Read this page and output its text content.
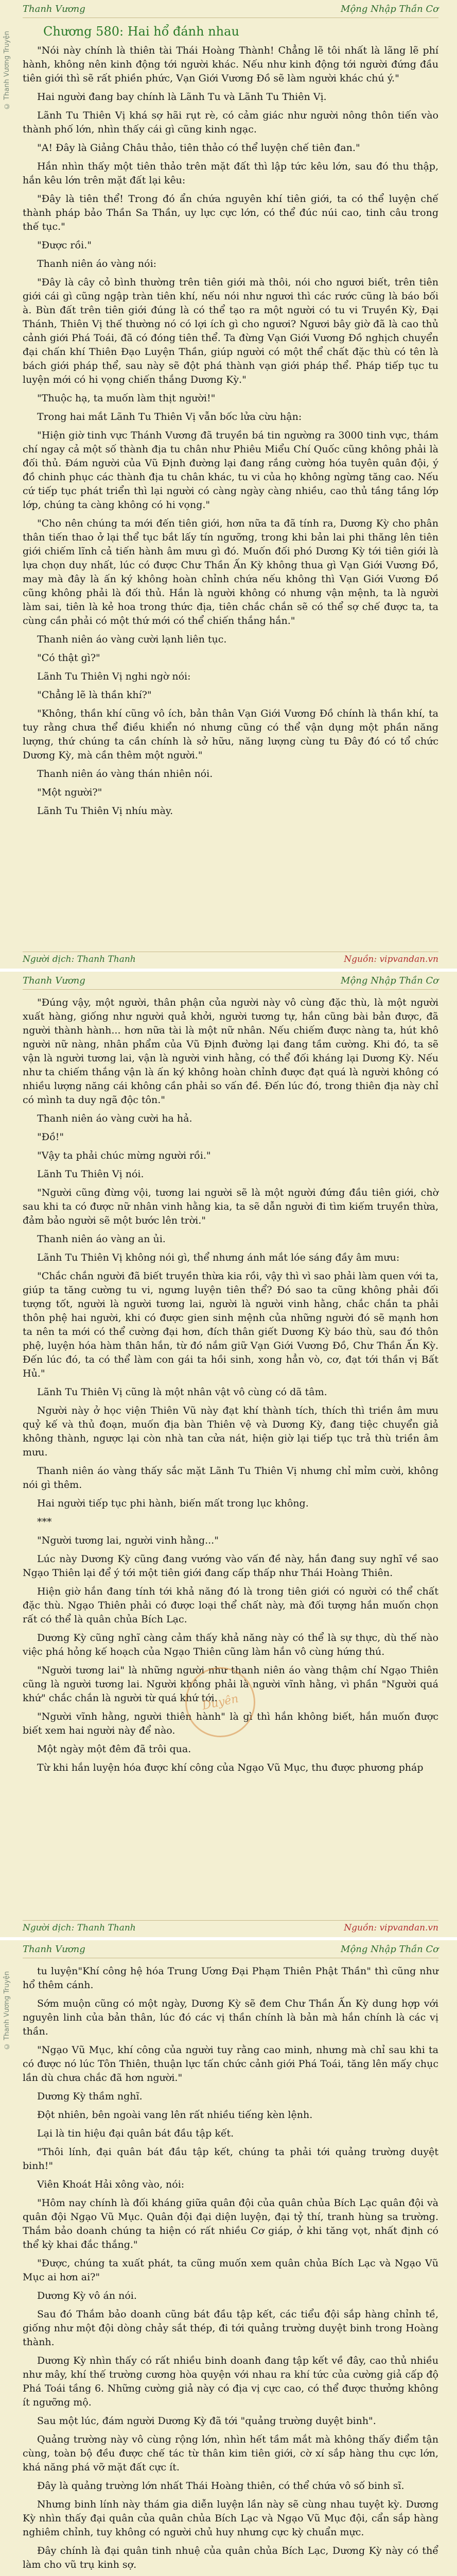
© Thanh Vương Truyện
Thanh Vương	Mộng Nhập Thần Cơ
Chương 580: Hai hổ đánh nhau

"Nói này chính là thiên tài Thái Hoàng Thành! Chẳng lẽ tôi nhất là lãng lẽ phí hành, không nên kinh động tới người khác. Nếu như kinh động tới người đứng đầu tiên giới thì sẽ rất phiền phức, Vạn Giới Vương Đồ sẽ làm người khác chú ý."

Hai người đang bay chính là Lãnh Tu và Lãnh Tu Thiên Vị.

Lãnh Tu Thiên Vị khá sợ hãi rụt rè, có cảm giác như người nông thôn tiến vào thành phố lớn, nhìn thấy cái gì cũng kinh ngạc.

"A! Đây là Giảng Châu thảo, tiên thảo có thể luyện chế tiên đan."

Hắn nhìn thấy một tiên thảo trên mặt đất thì lập tức kêu lớn, sau đó thu thập, hắn kêu lớn trên mặt đất lại kêu:

"Đây là tiên thể! Trong đó ẩn chứa nguyên khí tiên giới, ta có thể luyện chế thành pháp bảo Thần Sa Thần, uy lực cực lớn, có thể đúc núi cao, tinh câu trong thế tục."

"Được rồi."

Thanh niên áo vàng nói:

"Đây là cây cỏ bình thường trên tiên giới mà thôi, nói cho ngươi biết, trên tiên giới cái gì cũng ngập tràn tiên khí, nếu nói như ngươi thì các rước cũng là báo bối à. Bùn đất trên tiên giới đúng là có thể tạo ra một người có tu vi Truyền Kỳ, Đại Thánh, Thiên Vị thế thường nó có lợi ích gì cho ngươi? Ngươi bây giờ đã là cao thủ cảnh giới Phá Toái, đã có đóng tiên thể. Ta đừng Vạn Giới Vương Đồ nghịch chuyển đại chấn khí Thiên Đạo Luyện Thần, giúp người có một thể chất đặc thù có tên là bách giới pháp thể, sau này sẽ đột phá thành vạn giới pháp thể. Pháp tiếp tục tu luyện mới có hi vọng chiến thắng Dương Kỳ."

"Thuộc hạ, ta muốn làm thịt người!"

Trong hai mắt Lãnh Tu Thiên Vị vẫn bốc lửa cừu hận:

"Hiện giờ tinh vực Thánh Vương đã truyền bá tin ngường ra 3000 tinh vực, thám chí ngay cả một số thành địa tu chân như Phiêu Miểu Chí Quốc cũng không phải là đối thủ. Đám người của Vũ Định đường lại đang rắng cường hóa tuyên quân đội, ý đồ chinh phục các thành địa tu chân khác, tu vi của họ không ngừng tăng cao. Nếu cứ tiếp tục phát triển thì lại người có càng ngày càng nhiều, cao thủ tầng tầng lớp lớp, chúng ta càng không có hi vọng."

"Cho nên chúng ta mới đến tiên giới, hơn nữa ta đã tính ra, Dương Kỳ cho phân thân tiến thao ở lại thể tục bắt lấy tín ngưỡng, trong khi bản lai phi thăng lên tiên giới chiếm lĩnh cả tiến hành âm mưu gì đó. Muốn đối phó Dương Kỳ tới tiên giới là lựa chọn duy nhất, lúc có được Chư Thần Ấn Kỳ không thua gì Vạn Giới Vương Đồ, may mà đây là ấn ký không hoàn chỉnh chứa nếu không thì Vạn Giới Vương Đồ cũng không phải là đối thủ. Hắn là người không có nhưng vận mệnh, ta là người làm sai, tiên là kẻ hoa trong thức địa, tiên chắc chắn sẽ có thể sợ chế được ta, ta cùng cần phải có một thứ mới có thể chiến thắng hắn."

Thanh niên áo vàng cười lạnh liên tục.

"Có thật gì?"

Lãnh Tu Thiên Vị nghi ngờ nói:

"Chẳng lẽ là thần khí?"

"Không, thần khí cũng vô ích, bản thân Vạn Giới Vương Đồ chính là thần khí, ta tuy rằng chưa thể điều khiển nó nhưng cũng có thể vận dụng một phần năng lượng, thứ chúng ta cần chính là sở hữu, năng lượng cùng tu Đây đó có tổ chức Dương Kỳ, mà cần thêm một người."

Thanh niên áo vàng thán nhiên nói.

"Một người?"

Lãnh Tu Thiên Vị nhíu mày.

Người dịch: Thanh Thanh	Nguồn: vipvandan.vn
Thanh Vương	Mộng Nhập Thần Cơ

"Đúng vậy, một người, thân phận của người này vô cùng đặc thù, là một người xuất hàng, giống như người quả khởi, người tương tự, hắn cũng bài bản được, đã người thành hành... hơn nữa tài là một nữ nhân. Nếu chiếm được nàng ta, hút khô người nữ nàng, nhân phẩm của Vũ Định đường lại đang tầm cường. Khi đó, ta sẽ vận là người tương lai, vận là người vinh hằng, có thể đối kháng lại Dương Kỳ. Nếu như ta chiếm thắng vận là ấn ký không hoàn chỉnh được đạt quá là người không có nhiều lượng năng cái không cần phải so vấn đề. Đến lúc đó, trong thiên địa này chỉ có mình ta duy ngã độc tôn."

Thanh niên áo vàng cười ha hả.

"Đồ!"

"Vậy ta phải chúc mừng người rồi."

Lãnh Tu Thiên Vị nói.

"Người cũng đừng vội, tương lai người sẽ là một người đứng đầu tiên giới, chờ sau khi ta có được nữ nhân vinh hằng kia, ta sẽ dẫn người đi tìm kiếm truyền thừa, đảm bảo người sẽ một bước lên trời."

Thanh niên áo vàng an ủi.

Lãnh Tu Thiên Vị không nói gì, thể nhưng ánh mắt lóe sáng đầy âm mưu:

"Chắc chắn người đã biết truyền thừa kia rồi, vậy thì vì sao phải làm quen với ta, giúp ta tăng cường tu vi, ngưng luyện tiên thể? Đó sao ta cũng không phải đối tượng tốt, người là người tương lai, người là người vinh hằng, chắc chắn ta phải thôn phệ hai người, khi có được gien sinh mệnh của những người đó sẽ mạnh hơn ta nên ta mới có thể cường đại hơn, đích thân giết Dương Kỳ báo thù, sau đó thôn phệ, luyện hóa hàm thân hắn, từ đó nắm giữ Vạn Giới Vương Đồ, Chư Thần Ấn Kỳ. Đến lúc đó, ta có thể làm con gái ta hồi sinh, xong hẳn vò, cơ, đạt tới thần vị Bất Hủ."

Lãnh Tu Thiên Vị cũng là một nhân vật vô cùng có dã tâm.

Người này ở học viện Thiên Vũ này đạt khí thành tích, thích thì triền âm mưu quỷ kế và thủ đoạn, muốn địa bàn Thiên vệ và Dương Kỳ, đang tiệc chuyển giả không thành, ngược lại còn nhà tan cửa nát, hiện giờ lại tiếp tục trả thù triền âm mưu.

Thanh niên áo vàng thấy sắc mặt Lãnh Tu Thiên Vị nhưng chỉ mỉm cười, không nói gì thêm.

Hai người tiếp tục phi hành, biến mất trong lục không.

***

"Người tương lai, người vinh hằng..."

Lúc này Dương Kỳ cũng đang vướng vào vấn đề này, hắn đang suy nghĩ về sao Ngạo Thiên lại để ý tới một tiên giới đang cấp thấp như Thái Hoàng Thiên.

Hiện giờ hắn đang tính tới khả năng đó là trong tiên giới có người có thể chất đặc thù. Ngạo Thiên phải có được loại thể chất này, mà đối tượng hắn muốn chọn rất có thể là quân chủa Bích Lạc.

Dương Kỳ cũng nghĩ càng cảm thấy khả năng này có thể là sự thực, dù thế nào việc phá hỏng kế hoạch của Ngạo Thiên cũng làm hắn vô cùng hứng thú.

"Người tương lai" là những người như thanh niên áo vàng thậm chí Ngạo Thiên cũng là người tương lai. Người không phải là người vĩnh hằng, vì phần "Người quá khứ" chắc chắn là người từ quá khứ tới.

"Người vĩnh hằng, người thiên hành" là gì thì hắn không biết, hắn muốn được biết xem hai người này để nào.

Một ngày một đêm đã trôi qua.

Từ khi hắn luyện hóa được khí công của Ngạo Vũ Mục, thu được phương pháp

Duyên
Người dịch: Thanh Thanh	Nguồn: vipvandan.vn
© Thanh Vương Truyện
Thanh Vương	Mộng Nhập Thần Cơ

tu luyện"Khí công hệ hóa Trung Ương Đại Phạm Thiên Phật Thần" thì cũng như hổ thêm cánh.

Sớm muộn cũng có một ngày, Dương Kỳ sẽ đem Chư Thần Ấn Kỳ dung hợp với nguyên linh của bản thân, lúc đó các vị thần chính là bản mà hắn chính là các vị thần.

"Ngạo Vũ Mục, khí công của người tuy rằng cao minh, nhưng mà chỉ sau khi ta có được nó lúc Tôn Thiên, thuận lực tấn chức cảnh giới Phá Toái, tăng lên mấy chục lần dù chưa chắc đã hơn người."

Dương Kỳ thầm nghĩ.

Đột nhiên, bên ngoài vang lên rất nhiều tiếng kèn lệnh.

Lại là tin hiệu đại quân bát đầu tập kết.

"Thôi lính, đại quân bát đầu tập kết, chúng ta phải tới quảng trường duyệt binh!"

Viên Khoát Hải xông vào, nói:

"Hôm nay chính là đối kháng giữa quân đội của quân chủa Bích Lạc quân đội và quân đội Ngạo Vũ Mục. Quân đội đại diện luyện, đại tỷ thí, tranh hùng sa trường. Thắm bảo doanh chúng ta hiện có rất nhiều Cơ giáp, ở khi tăng vọt, nhất định có thể kỳ khai đắc thắng."

"Được, chúng ta xuất phát, ta cũng muốn xem quân chủa Bích Lạc và Ngạo Vũ Mục ai hơn ai?"

Dương Kỳ vô án nói.

Sau đó Thắm bảo doanh cũng bát đầu tập kết, các tiểu đội sắp hàng chỉnh tề, giống như một đội dòng chảy sắt thép, đi tới quảng trường duyệt binh trong Hoàng thành.

Dương Kỳ nhìn thấy có rất nhiều binh doanh đang tập kết về đây, cao thủ nhiều như mây, khí thế trường cương hòa quyện với nhau ra khí tức của cường giả cấp độ Phá Toái tầng 6. Những cường giả này có địa vị cực cao, có thể được thưởng không ít ngưỡng mộ.

Sau một lúc, đám người Dương Kỳ đã tới "quảng trường duyệt binh".

Quảng trường này vô cùng rộng lớn, nhìn hết tầm mắt mà không thấy điểm tận cùng, toàn bộ đều được chế tác từ thân kim tiên giới, cờ xí sắp hàng thu cực lớn, khá năng phá vỡ mặt đất cực ít.

Đây là quảng trường lớn nhất Thái Hoàng thiên, có thể chứa vô số binh sĩ.

Nhưng binh lính này thám gia diễn luyện lần này sẽ cùng nhau tuyệt kỳ. Dương Kỳ nhìn thấy đại quân của quân chủa Bích Lạc và Ngạo Vũ Mục đội, cẩn sắp hàng nghiêm chỉnh, tuy không có người chủ huy nhưng cực kỳ chuẩn mực.

Đây chính là đại quân tinh nhuệ của quân chủa Bích Lạc, Dương Kỳ này có thể làm cho vũ trụ kinh sợ.
